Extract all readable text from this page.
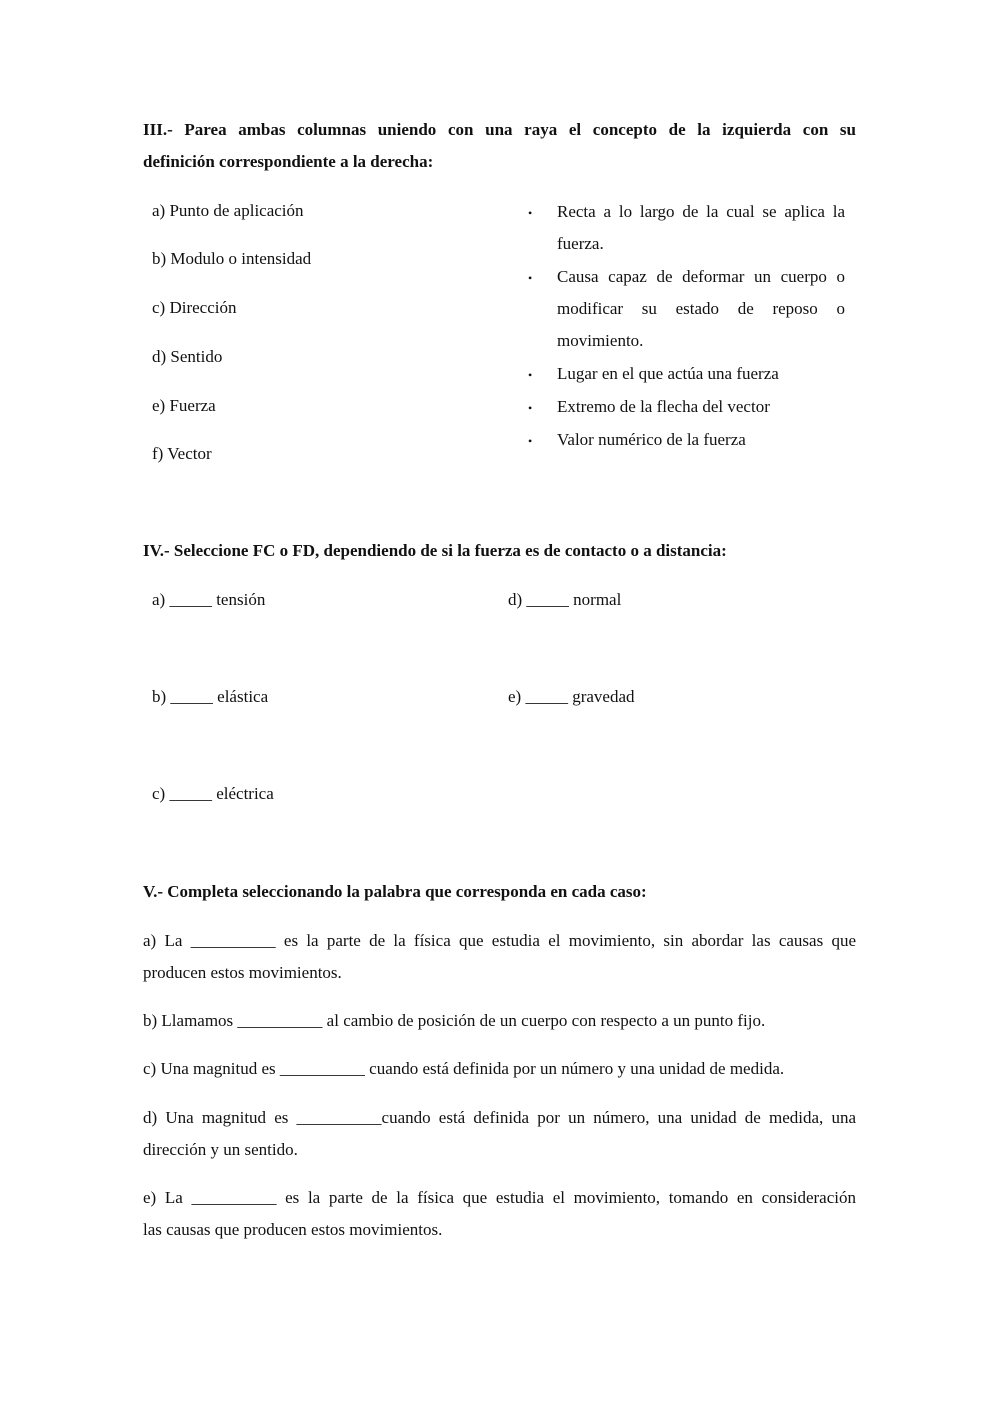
III.- Parea ambas columnas uniendo con una raya el concepto de la izquierda con su
definición correspondiente a la derecha:
a) Punto de aplicación
b) Modulo o intensidad
c) Dirección
d) Sentido
e) Fuerza
f) Vector
• Recta a lo largo de la cual se aplica la
fuerza.
• Causa capaz de deformar un cuerpo o
modificar su estado de reposo o
movimiento.
• Lugar en el que actúa una fuerza
• Extremo de la flecha del vector
• Valor numérico de la fuerza
IV.- Seleccione FC o FD, dependiendo de si la fuerza es de contacto o a distancia:
a) _____ tensión	d) _____ normal
b) _____ elástica	e) _____ gravedad
c) _____ eléctrica
V.- Completa seleccionando la palabra que corresponda en cada caso:
a) La __________ es la parte de la física que estudia el movimiento, sin abordar las causas que
producen estos movimientos.
b) Llamamos __________ al cambio de posición de un cuerpo con respecto a un punto fijo.
c) Una magnitud es __________ cuando está definida por un número y una unidad de medida.
d) Una magnitud es __________cuando está definida por un número, una unidad de medida, una
dirección y un sentido.
e) La __________ es la parte de la física que estudia el movimiento, tomando en consideración
las causas que producen estos movimientos.
